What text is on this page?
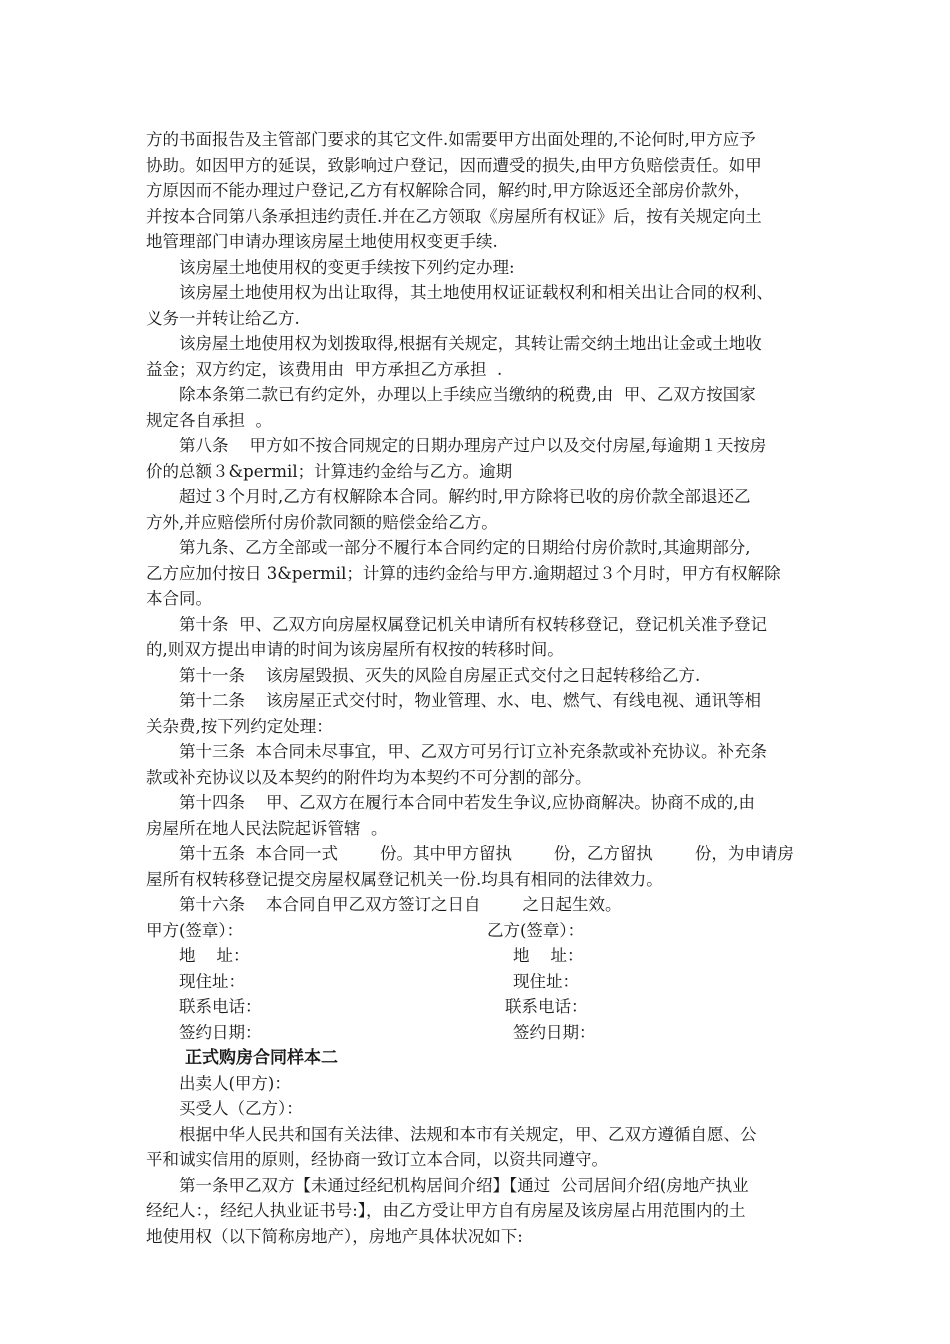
方的书面报告及主管部门要求的其它文件.如需要甲方出面处理的,不论何时,甲方应予
协助。如因甲方的延误，致影响过户登记，因而遭受的损失,由甲方负赔偿责任。如甲
方原因而不能办理过户登记,乙方有权解除合同，解约时,甲方除返还全部房价款外，
并按本合同第八条承担违约责任.并在乙方领取《房屋所有权证》后，按有关规定向土
地管理部门申请办理该房屋土地使用权变更手续.
该房屋土地使用权的变更手续按下列约定办理:
该房屋土地使用权为出让取得，其土地使用权证证载权利和相关出让合同的权利、
义务一并转让给乙方.
该房屋土地使用权为划拨取得,根据有关规定，其转让需交纳土地出让金或土地收
益金；双方约定，该费用由  甲方承担乙方承担  .
除本条第二款已有约定外，办理以上手续应当缴纳的税费,由  甲、乙双方按国家
规定各自承担  。
第八条    甲方如不按合同规定的日期办理房产过户以及交付房屋,每逾期１天按房
价的总额３&permil；计算违约金给与乙方。逾期
超过３个月时,乙方有权解除本合同。解约时,甲方除将已收的房价款全部退还乙
方外,并应赔偿所付房价款同额的赔偿金给乙方。
第九条、乙方全部或一部分不履行本合同约定的日期给付房价款时,其逾期部分,
乙方应加付按日 3&permil；计算的违约金给与甲方.逾期超过３个月时，甲方有权解除
本合同。
第十条  甲、乙双方向房屋权属登记机关申请所有权转移登记，登记机关准予登记
的,则双方提出申请的时间为该房屋所有权按的转移时间。
第十一条    该房屋毁损、灭失的风险自房屋正式交付之日起转移给乙方.
第十二条    该房屋正式交付时，物业管理、水、电、燃气、有线电视、通讯等相
关杂费,按下列约定处理：
第十三条  本合同未尽事宜，甲、乙双方可另行订立补充条款或补充协议。补充条
款或补充协议以及本契约的附件均为本契约不可分割的部分。
第十四条    甲、乙双方在履行本合同中若发生争议,应协商解决。协商不成的,由
房屋所在地人民法院起诉管辖  。
第十五条  本合同一式        份。其中甲方留执        份，乙方留执        份，为申请房
屋所有权转移登记提交房屋权属登记机关一份.均具有相同的法律效力。
第十六条    本合同自甲乙双方签订之日自        之日起生效。
甲方(签章）：	乙方(签章）：
地    址：	地    址：
现住址：	现住址：
联系电话：	联系电话：
签约日期：	签约日期：
正式购房合同样本二
出卖人(甲方)：
买受人（乙方）：
根据中华人民共和国有关法律、法规和本市有关规定，甲、乙双方遵循自愿、公
平和诚实信用的原则，经协商一致订立本合同，以资共同遵守。
第一条甲乙双方【未通过经纪机构居间介绍】【通过  公司居间介绍(房地产执业
经纪人：，经纪人执业证书号:】，由乙方受让甲方自有房屋及该房屋占用范围内的土
地使用权（以下简称房地产），房地产具体状况如下:
